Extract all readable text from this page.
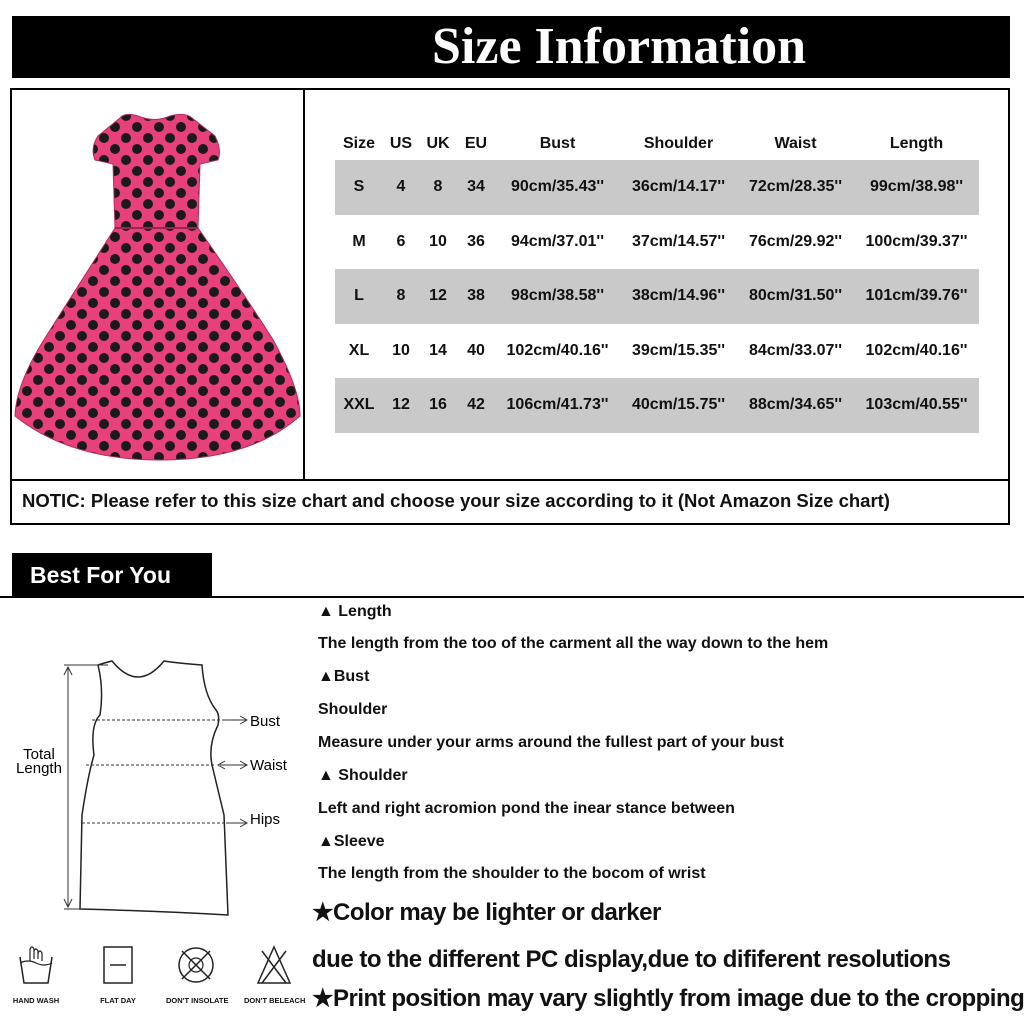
Size Information
Size	US	UK	EU	Bust	Shoulder	Waist	Length
S	4	8	34	90cm/35.43''	36cm/14.17''	72cm/28.35''	99cm/38.98''
M	6	10	36	94cm/37.01''	37cm/14.57''	76cm/29.92''	100cm/39.37''
L	8	12	38	98cm/38.58''	38cm/14.96''	80cm/31.50''	101cm/39.76''
XL	10	14	40	102cm/40.16''	39cm/15.35''	84cm/33.07''	102cm/40.16''
XXL	12	16	42	106cm/41.73''	40cm/15.75''	88cm/34.65''	103cm/40.55''
NOTIC: Please refer to this size chart and choose your size according to it (Not Amazon Size chart)
Best For You
Total
Length
Bust
Waist
Hips
▲ Length
The length from the too of the carment all the way down to the hem
▲Bust
Shoulder
Measure under your arms around the fullest part of your bust
▲ Shoulder
Left and right acromion pond the inear stance between
▲Sleeve
The length from the shoulder to the bocom of wrist
★Color may be lighter or darker
due to the different PC display,due to dififerent resolutions
★Print position may vary slightly from image due to the cropping
HAND WASH	FLAT DAY	DON'T INSOLATE DON'T BELEACH
